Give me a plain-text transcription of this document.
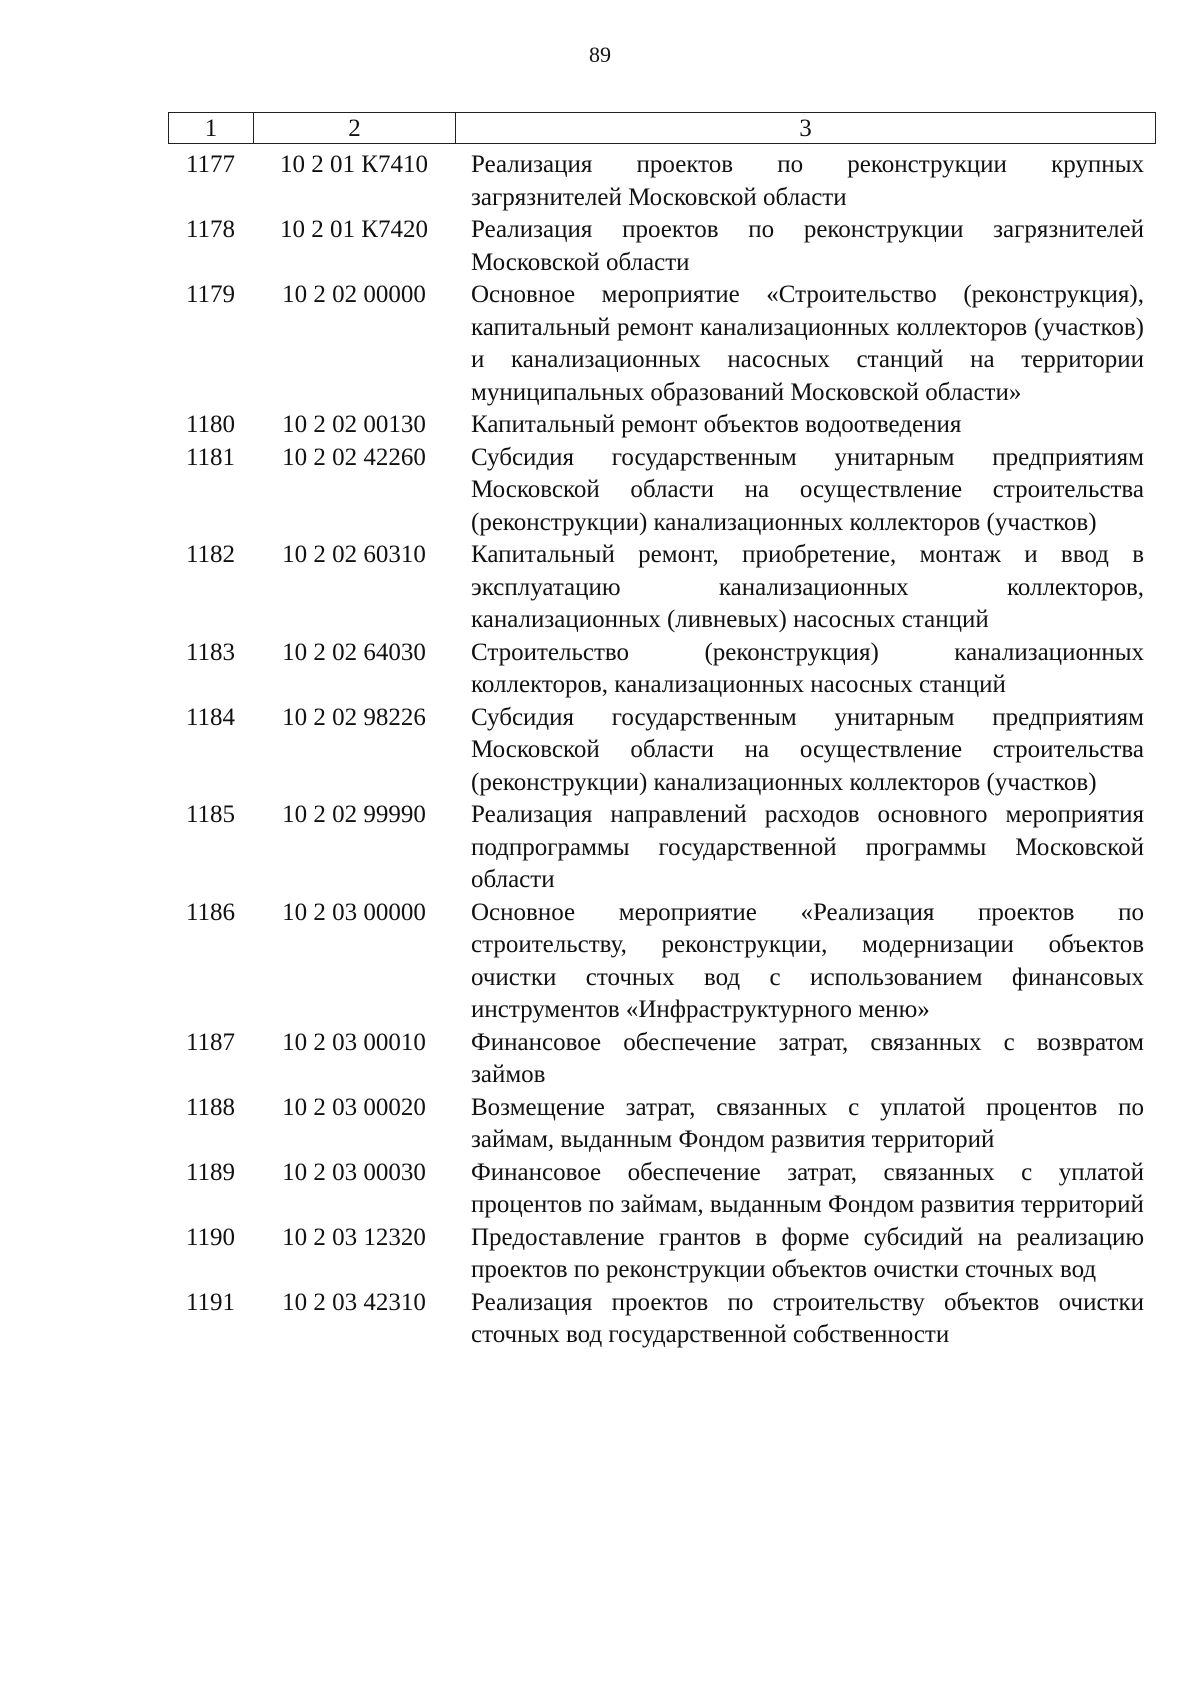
89
1	2	3
1177	10 2 01 К7410	Реализация проектов по реконструкции крупных загрязнителей Московской области
1178	10 2 01 К7420	Реализация проектов по реконструкции загрязнителей Московской области
1179	10 2 02 00000	Основное мероприятие «Строительство (реконструкция), капитальный ремонт канализационных коллекторов (участков) и канализационных насосных станций на территории муниципальных образований Московской области»
1180	10 2 02 00130	Капитальный ремонт объектов водоотведения
1181	10 2 02 42260	Субсидия государственным унитарным предприятиям Московской области на осуществление строительства (реконструкции) канализационных коллекторов (участков)
1182	10 2 02 60310	Капитальный ремонт, приобретение, монтаж и ввод в эксплуатацию канализационных коллекторов, канализационных (ливневых) насосных станций
1183	10 2 02 64030	Строительство (реконструкция) канализационных коллекторов, канализационных насосных станций
1184	10 2 02 98226	Субсидия государственным унитарным предприятиям Московской области на осуществление строительства (реконструкции) канализационных коллекторов (участков)
1185	10 2 02 99990	Реализация направлений расходов основного мероприятия подпрограммы государственной программы Московской области
1186	10 2 03 00000	Основное мероприятие «Реализация проектов по строительству, реконструкции, модернизации объектов очистки сточных вод с использованием финансовых инструментов «Инфраструктурного меню»
1187	10 2 03 00010	Финансовое обеспечение затрат, связанных с возвратом займов
1188	10 2 03 00020	Возмещение затрат, связанных с уплатой процентов по займам, выданным Фондом развития территорий
1189	10 2 03 00030	Финансовое обеспечение затрат, связанных с уплатой процентов по займам, выданным Фондом развития территорий
1190	10 2 03 12320	Предоставление грантов в форме субсидий на реализацию проектов по реконструкции объектов очистки сточных вод
1191	10 2 03 42310	Реализация проектов по строительству объектов очистки сточных вод государственной собственности
